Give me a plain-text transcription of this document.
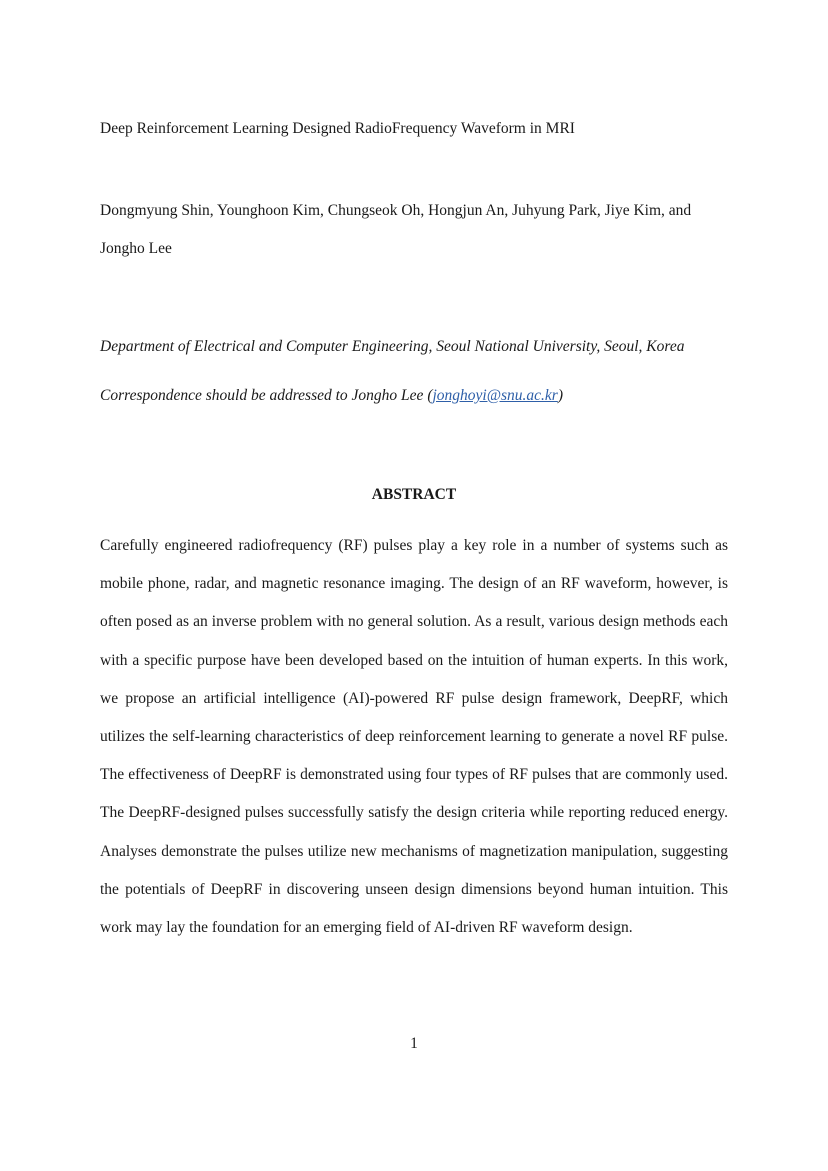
Deep Reinforcement Learning Designed RadioFrequency Waveform in MRI

Dongmyung Shin, Younghoon Kim, Chungseok Oh, Hongjun An, Juhyung Park, Jiye Kim, and Jongho Lee

Department of Electrical and Computer Engineering, Seoul National University, Seoul, Korea

Correspondence should be addressed to Jongho Lee (jonghoyi@snu.ac.kr)

ABSTRACT

Carefully engineered radiofrequency (RF) pulses play a key role in a number of systems such as mobile phone, radar, and magnetic resonance imaging. The design of an RF waveform, however, is often posed as an inverse problem with no general solution. As a result, various design methods each with a specific purpose have been developed based on the intuition of human experts. In this work, we propose an artificial intelligence (AI)-powered RF pulse design framework, DeepRF, which utilizes the self-learning characteristics of deep reinforcement learning to generate a novel RF pulse. The effectiveness of DeepRF is demonstrated using four types of RF pulses that are commonly used. The DeepRF-designed pulses successfully satisfy the design criteria while reporting reduced energy. Analyses demonstrate the pulses utilize new mechanisms of magnetization manipulation, suggesting the potentials of DeepRF in discovering unseen design dimensions beyond human intuition. This work may lay the foundation for an emerging field of AI-driven RF waveform design.

1
